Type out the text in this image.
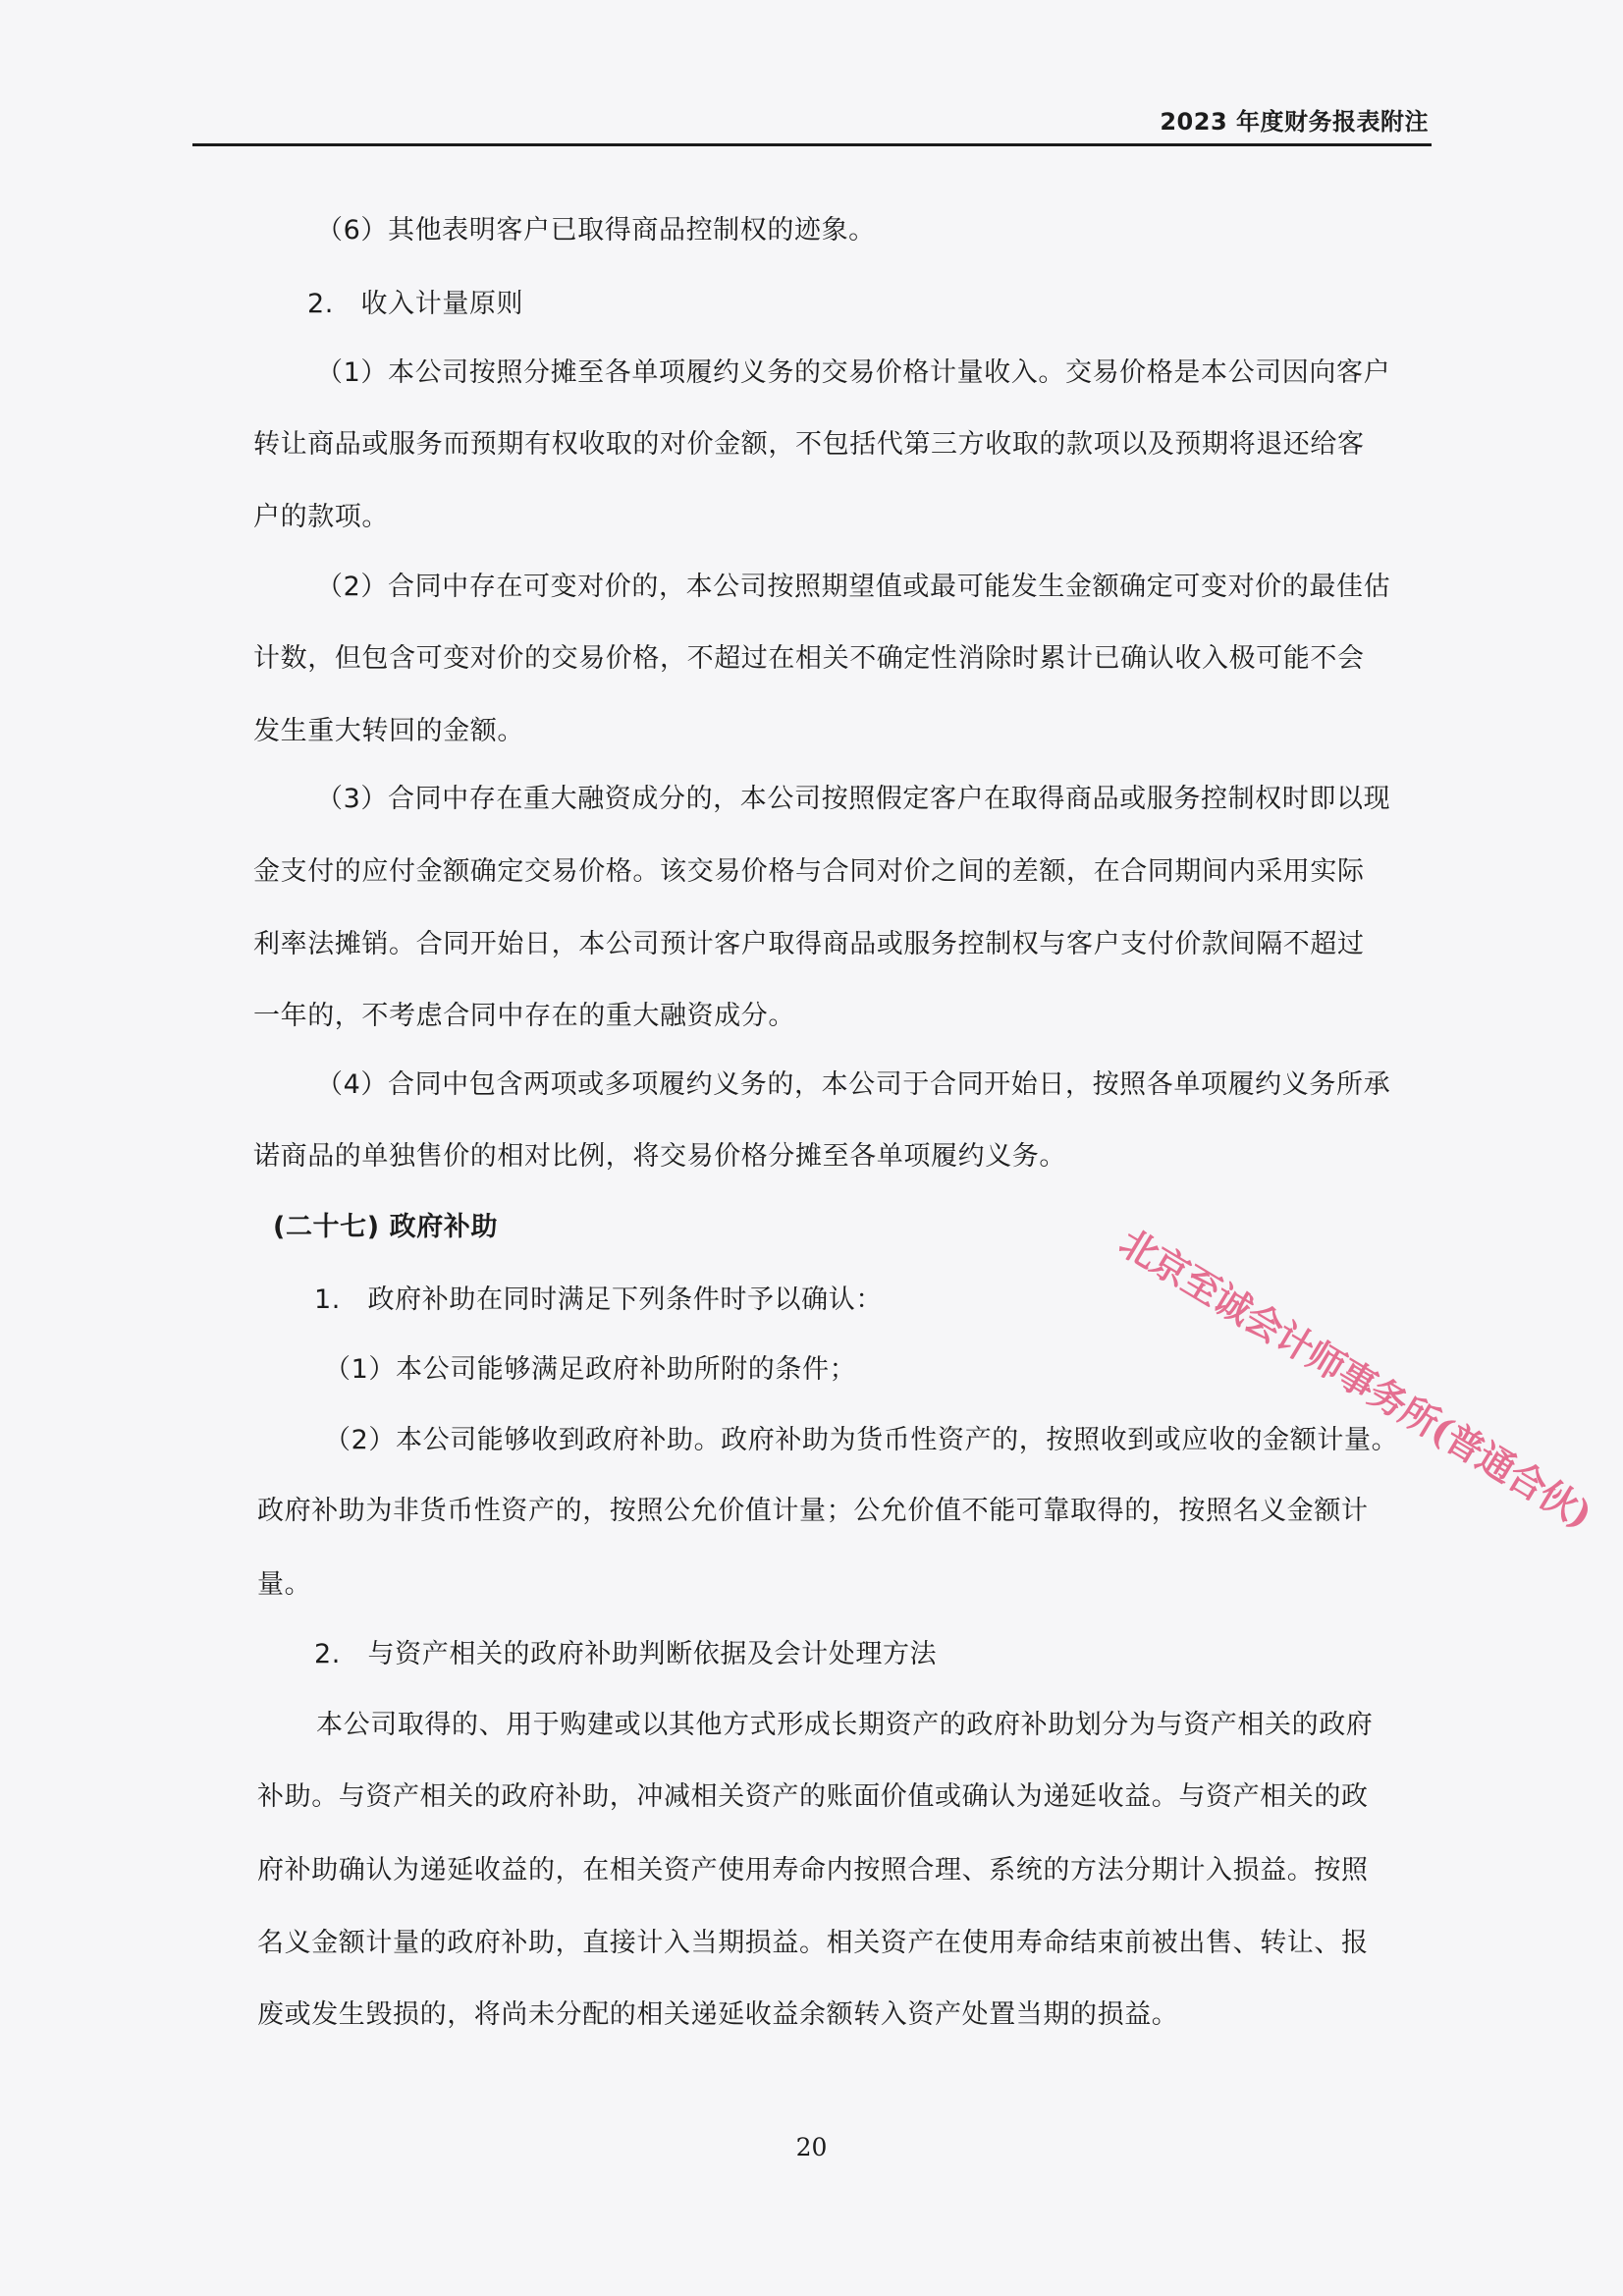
2023 年度财务报表附注
（6）其他表明客户已取得商品控制权的迹象。
2.　收入计量原则
（1）本公司按照分摊至各单项履约义务的交易价格计量收入。交易价格是本公司因向客户
转让商品或服务而预期有权收取的对价金额，不包括代第三方收取的款项以及预期将退还给客
户的款项。
（2）合同中存在可变对价的，本公司按照期望值或最可能发生金额确定可变对价的最佳估
计数，但包含可变对价的交易价格，不超过在相关不确定性消除时累计已确认收入极可能不会
发生重大转回的金额。
（3）合同中存在重大融资成分的，本公司按照假定客户在取得商品或服务控制权时即以现
金支付的应付金额确定交易价格。该交易价格与合同对价之间的差额，在合同期间内采用实际
利率法摊销。合同开始日，本公司预计客户取得商品或服务控制权与客户支付价款间隔不超过
一年的，不考虑合同中存在的重大融资成分。
（4）合同中包含两项或多项履约义务的，本公司于合同开始日，按照各单项履约义务所承
诺商品的单独售价的相对比例，将交易价格分摊至各单项履约义务。
(二十七) 政府补助
1.　政府补助在同时满足下列条件时予以确认：
（1）本公司能够满足政府补助所附的条件；
（2）本公司能够收到政府补助。政府补助为货币性资产的，按照收到或应收的金额计量。
政府补助为非货币性资产的，按照公允价值计量；公允价值不能可靠取得的，按照名义金额计
量。
2.　与资产相关的政府补助判断依据及会计处理方法
本公司取得的、用于购建或以其他方式形成长期资产的政府补助划分为与资产相关的政府
补助。与资产相关的政府补助，冲减相关资产的账面价值或确认为递延收益。与资产相关的政
府补助确认为递延收益的，在相关资产使用寿命内按照合理、系统的方法分期计入损益。按照
名义金额计量的政府补助，直接计入当期损益。相关资产在使用寿命结束前被出售、转让、报
废或发生毁损的，将尚未分配的相关递延收益余额转入资产处置当期的损益。
北京至诚会计师事务所(普通合伙)
20
